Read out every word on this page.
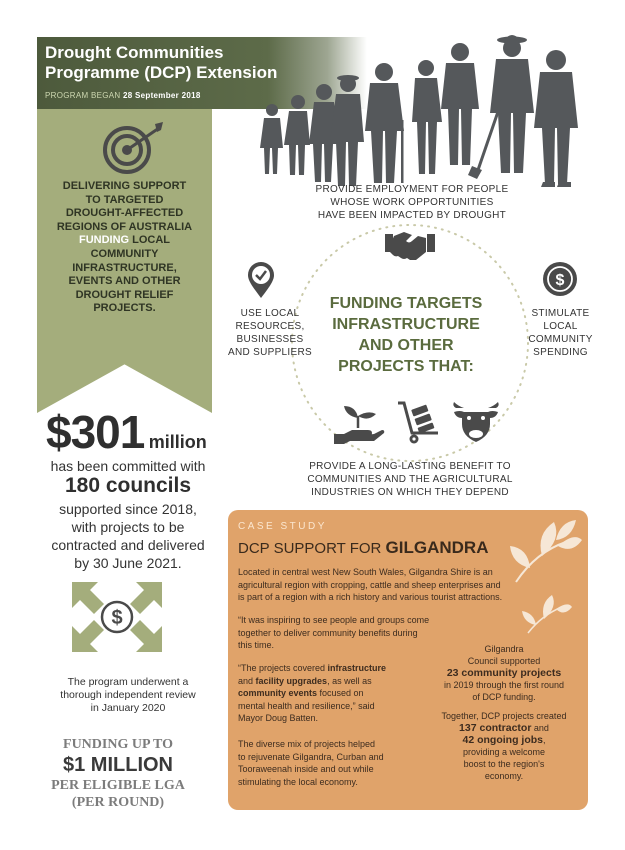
Drought Communities
Programme (DCP) Extension
PROGRAM BEGAN 28 September 2018
DELIVERING SUPPORT
TO TARGETED
DROUGHT-AFFECTED
REGIONS OF AUSTRALIA
FUNDING LOCAL
COMMUNITY
INFRASTRUCTURE,
EVENTS AND OTHER
DROUGHT RELIEF
PROJECTS.
$301 million
has been committed with
180 councils
supported since 2018,
with projects to be
contracted and delivered
by 30 June 2021.
$
The program underwent a
thorough independent review
in January 2020
FUNDING UP TO
$1 MILLION
PER ELIGIBLE LGA
(PER ROUND)
PROVIDE EMPLOYMENT FOR PEOPLE
WHOSE WORK OPPORTUNITIES
HAVE BEEN IMPACTED BY DROUGHT
USE LOCAL
RESOURCES,
BUSINESSES
AND SUPPLIERS
$
STIMULATE
LOCAL
COMMUNITY
SPENDING
FUNDING TARGETS
INFRASTRUCTURE
AND OTHER
PROJECTS THAT:
PROVIDE A LONG-LASTING BENEFIT TO
COMMUNITIES AND THE AGRICULTURAL
INDUSTRIES ON WHICH THEY DEPEND
CASE STUDY
DCP SUPPORT FOR GILGANDRA
Located in central west New South Wales, Gilgandra Shire is an
agricultural region with cropping, cattle and sheep enterprises and
is part of a region with a rich history and various tourist attractions.
“It was inspiring to see people and groups come
together to deliver community benefits during
this time.
“The projects covered infrastructure
and facility upgrades, as well as
community events focused on
mental health and resilience,” said
Mayor Doug Batten.
The diverse mix of projects helped
to rejuvenate Gilgandra, Curban and
Tooraweenah inside and out while
stimulating the local economy.
Gilgandra
Council supported
23 community projects
in 2019 through the first round
of DCP funding.
Together, DCP projects created
137 contractor and
42 ongoing jobs,
providing a welcome
boost to the region's
economy.
